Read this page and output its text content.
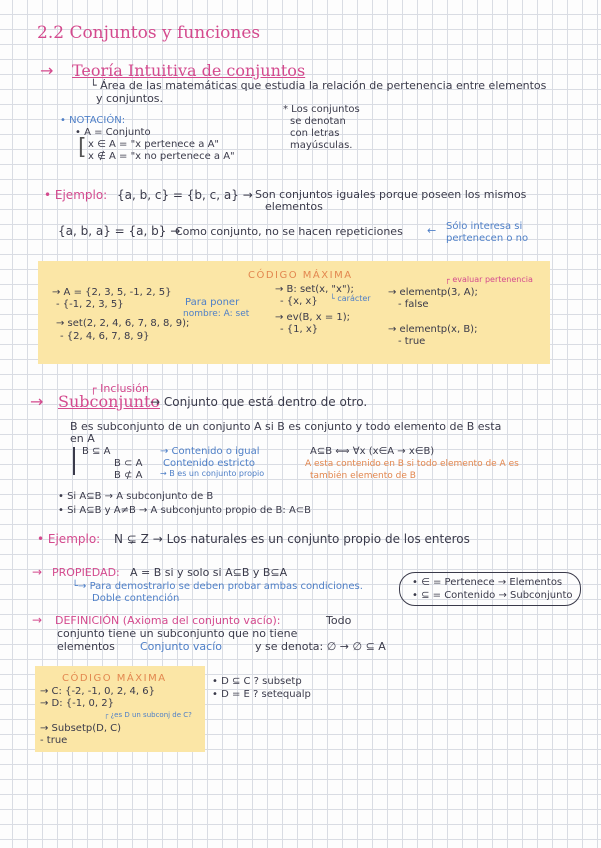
2.2 Conjuntos y funciones
→ Teoría Intuitiva de conjuntos
└ Área de las matemáticas que estudia la relación de pertenencia entre elementos
y conjuntos.
• NOTACIÓN:
• A = Conjunto
[ x ∈ A = "x pertenece a A"
x ∉ A = "x no pertenece a A"
* Los conjuntos
se denotan
con letras
mayúsculas.
• Ejemplo: {a, b, c} = {b, c, a} → Son conjuntos iguales porque poseen los mismos
elementos
{a, b, a} = {a, b} →
Como conjunto, no se hacen repeticiones ← Sólo interesa si
pertenecen o no
CÓDIGO MÁXIMA
→ A = {2, 3, 5, -1, 2, 5}
- {-1, 2, 3, 5}
→ set(2, 2, 4, 6, 7, 8, 8, 9);
- {2, 4, 6, 7, 8, 9}
Para poner
nombre: A: set
→ B: set(x, "x");
└ carácter
- {x, x}
→ ev(B, x = 1);
- {1, x}
┌ evaluar pertenencia
→ elementp(3, A);
- false
→ elementp(x, B);
- true
┌ Inclusión
→ Subconjunto
→ Conjunto que está dentro de otro.
B es subconjunto de un conjunto A si B es conjunto y todo elemento de B esta
en A
B ⊆ A	→ Contenido o igual
B ⊂ A Contenido estricto
B ⊄ A → B es un conjunto propio
A⊆B ⟺ ∀x (x∈A → x∈B)
A esta contenido en B si todo elemento de A es
también elemento de B
• Si A⊆B → A subconjunto de B
• Si A⊆B y A≠B → A subconjunto propio de B: A⊂B
• Ejemplo: N ⊊ Z → Los naturales es un conjunto propio de los enteros
→ PROPIEDAD: A = B si y solo si A⊆B y B⊆A
└→ Para demostrarlo se deben probar ambas condiciones.
Doble contención
• ∈ = Pertenece → Elementos
• ⊆ = Contenido → Subconjunto
→ DEFINICIÓN (Axioma del conjunto vacío):	Todo
conjunto tiene un subconjunto que no tiene
elementos Conjunto vacío	y se denota: ∅ → ∅ ⊆ A
CÓDIGO MÁXIMA
→ C: {-2, -1, 0, 2, 4, 6}
→ D: {-1, 0, 2}
┌ ¿es D un subconj de C?
→ Subsetp(D, C)
- true
• D ⊆ C ? subsetp
• D = E ? setequalp
